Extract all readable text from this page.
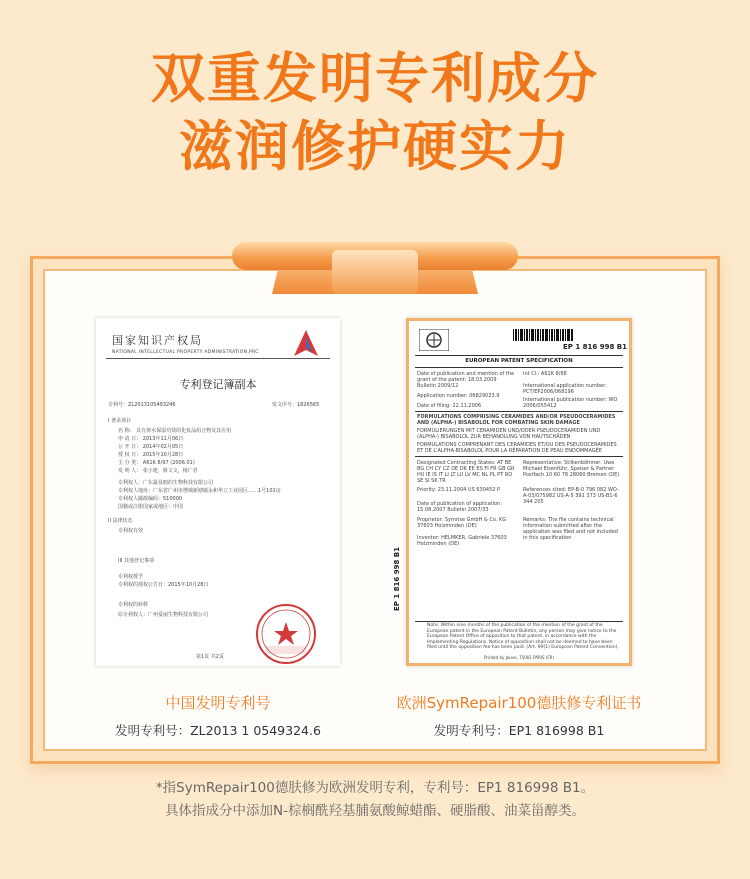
双重发明专利成分
滋润修护硬实力
国家知识产权局
NATIONAL INTELLECTUAL PROPERTY ADMINISTRATION,PRC
专利登记簿副本
专利号：ZL2013105493246	发文序号：1826565
I 著录项目
名 称： 具有抑水保湿功效的化妆品组合物及其应用
申 请 日： 2013年11月06日
公 开 日： 2014年02月05日
授 权 日： 2015年10月28日
主 分 类： A61K 8/97 (2006.01)
发 明 人： 张小建，蔡文文，杨广君
专利权人：广东最显鸥的生物科技有限公司
专利权人地址：广东省广州市增城新塘镇永和华立工业园区……1号101房
专利权人邮政编码：510000
国籍或注册国家或地区：中国
II 法律状态
专利权有效
III 其他登记事项
专利权授予
专利权的授权公告日：2015年10月28日
专利权的转移
原专利权人：广州爱丽生物科技有限公司
第1页 共2页
EP 1 816 998 B1
EUROPEAN PATENT SPECIFICATION
Date of publication and mention of the grant of the patent: 18.03.2009 Bulletin 2009/12
Application number: 06829023.9
Date of filing: 22.11.2006
Int Cl.: A61K 8/68
International application number: PCT/EP2006/068196
International publication number: WO 2006/055412
FORMULATIONS COMPRISING CERAMIDES AND/OR PSEUDOCERAMIDES AND (ALPHA-) BISABOLOL FOR COMBATING SKIN DAMAGE
FORMULIERUNGEN MIT CERAMIDEN UND/ODER PSEUDOCERAMIDEN UND (ALPHA-) BISABOLOL ZUR BEHANDLUNG VON HAUTSCHÄDEN
FORMULATIONS COMPRENANT DES CERAMIDES ET/OU DES PSEUDOCERAMIDES ET DE L'ALPHA-BISABOLOL POUR LA RÉPARATION DE PEAU ENDOMMAGÉE
Designated Contracting States: AT BE BG CH CY CZ DE DK EE ES FI FR GB GR HU IE IS IT LI LT LU LV MC NL PL PT RO SE SI SK TR
Priority: 23.11.2004 US 630452 P
Date of publication of application: 15.08.2007 Bulletin 2007/33
Proprietor: Symrise GmbH & Co. KG 37603 Holzminden (DE)
Inventor: HELMKER, Gabriele 37603 Holzminden (DE)
Representative: Stilkenböhmer, Uwe Michael Eisenführ, Speiser & Partner Postfach 10 60 78 28060 Bremen (DE)
References cited: EP-B-0 796 082 WO-A-03/075982 US-A-5 391 373 US-B1-6 344 205
Remarks: The file contains technical information submitted after the application was filed and not included in this specification
EP 1 816 998 B1
Note: Within nine months of the publication of the mention of the grant of the European patent in the European Patent Bulletin, any person may give notice to the European Patent Office of opposition to that patent, in accordance with the Implementing Regulations. Notice of opposition shall not be deemed to have been filed until the opposition fee has been paid. (Art. 99(1) European Patent Convention).
Printed by Jouve, 75001 PARIS (FR)
中国发明专利号
发明专利号：ZL2013 1 0549324.6
欧洲SymRepair100德肤修专利证书
发明专利号：EP1 816998 B1
*指SymRepair100德肤修为欧洲发明专利，专利号：EP1 816998 B1。
具体指成分中添加N-棕榈酰羟基脯氨酸鲸蜡酯、硬脂酸、油菜甾醇类。
